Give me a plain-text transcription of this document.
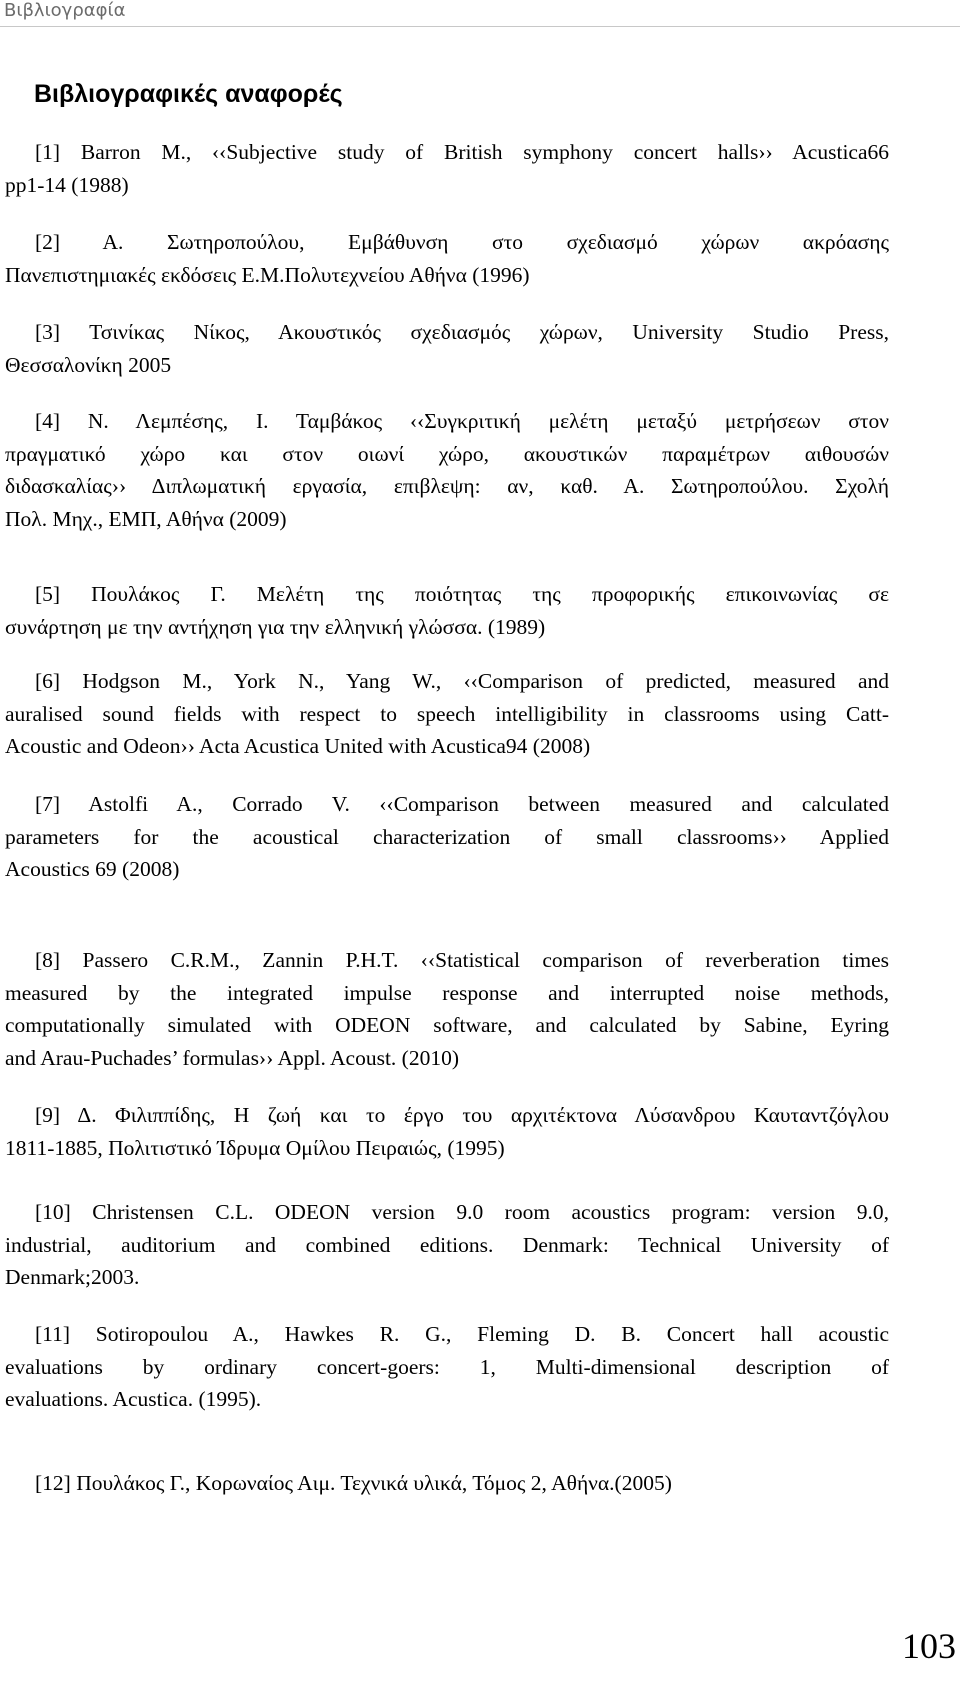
Βιβλιογραφία
Βιβλιογραφικές αναφορές
[1] Barron M., ‹‹Subjective study of British symphony concert halls›› Acustica66
pp1-14 (1988)
[2] Α. Σωτηροπούλου, Εμβάθυνση στο σχεδιασμό χώρων ακρόασης
Πανεπιστημιακές εκδόσεις Ε.Μ.Πολυτεχνείου Αθήνα (1996)
[3] Τσινίκας Νίκος, Ακουστικός σχεδιασμός χώρων, University Studio Press,
Θεσσαλονίκη 2005
[4] Ν. Λεμπέσης, Ι. Ταμβάκος ‹‹Συγκριτική μελέτη μεταξύ μετρήσεων στον
πραγματικό χώρο και στον οιωνί χώρο, ακουστικών παραμέτρων αιθουσών
διδασκαλίας›› Διπλωματική εργασία, επιβλεψη: αν, καθ. Α. Σωτηροπούλου. Σχολή
Πολ. Μηχ., ΕΜΠ, Αθήνα (2009)
[5] Πουλάκος Γ. Μελέτη της ποιότητας της προφορικής επικοινωνίας σε
συνάρτηση με την αντήχηση για την ελληνική γλώσσα. (1989)
[6] Hodgson M., York N., Yang W., ‹‹Comparison of predicted, measured and
auralised sound fields with respect to speech intelligibility in classrooms using Catt-
Acoustic and Odeon›› Acta Acustica United with Acustica94 (2008)
[7] Astolfi A., Corrado V. ‹‹Comparison between measured and calculated
parameters for the acoustical characterization of small classrooms›› Applied
Acoustics 69 (2008)
[8] Passero C.R.M., Zannin P.H.T. ‹‹Statistical comparison of reverberation times
measured by the integrated impulse response and interrupted noise methods,
computationally simulated with ODEON software, and calculated by Sabine, Eyring
and Arau-Puchades’ formulas›› Appl. Acoust. (2010)
[9] Δ. Φιλιππίδης, Η ζωή και το έργο του αρχιτέκτονα Λύσανδρου Καυταντζόγλου
1811-1885, Πολιτιστικό Ίδρυμα Ομίλου Πειραιώς, (1995)
[10] Christensen C.L. ODEON version 9.0 room acoustics program: version 9.0,
industrial, auditorium and combined editions. Denmark: Technical University of
Denmark;2003.
[11] Sotiropoulou A., Hawkes R. G., Fleming D. B. Concert hall acoustic
evaluations by ordinary concert-goers: 1, Multi-dimensional description of
evaluations. Acustica. (1995).
[12] Πουλάκος Γ., Κορωναίος Αιμ. Τεχνικά υλικά, Τόμος 2, Αθήνα.(2005)
103
